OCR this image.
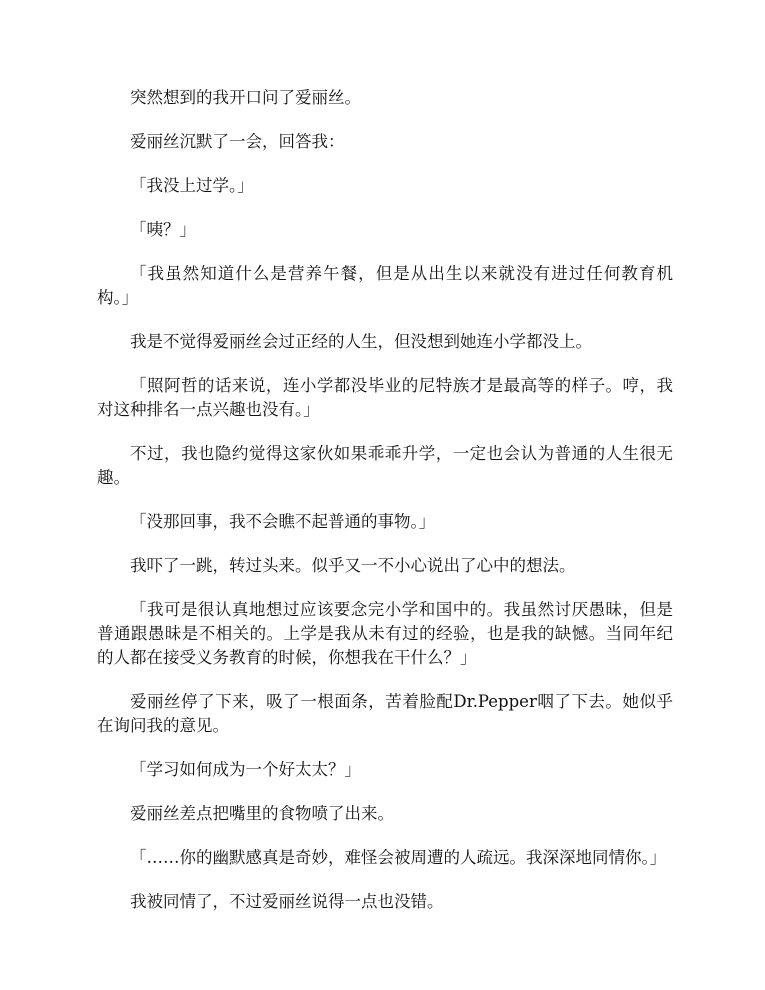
突然想到的我开口问了爱丽丝。

爱丽丝沉默了一会，回答我：

「我没上过学。」

「咦？」

「我虽然知道什么是营养午餐，但是从出生以来就没有进过任何教育机构。」

我是不觉得爱丽丝会过正经的人生，但没想到她连小学都没上。

「照阿哲的话来说，连小学都没毕业的尼特族才是最高等的样子。哼，我对这种排名一点兴趣也没有。」

不过，我也隐约觉得这家伙如果乖乖升学，一定也会认为普通的人生很无趣。

「没那回事，我不会瞧不起普通的事物。」

我吓了一跳，转过头来。似乎又一不小心说出了心中的想法。

「我可是很认真地想过应该要念完小学和国中的。我虽然讨厌愚昧，但是普通跟愚昧是不相关的。上学是我从未有过的经验，也是我的缺憾。当同年纪的人都在接受义务教育的时候，你想我在干什么？」

爱丽丝停了下来，吸了一根面条，苦着脸配Dr.Pepper咽了下去。她似乎在询问我的意见。

「学习如何成为一个好太太？」

爱丽丝差点把嘴里的食物喷了出来。

「……你的幽默感真是奇妙，难怪会被周遭的人疏远。我深深地同情你。」

我被同情了，不过爱丽丝说得一点也没错。
